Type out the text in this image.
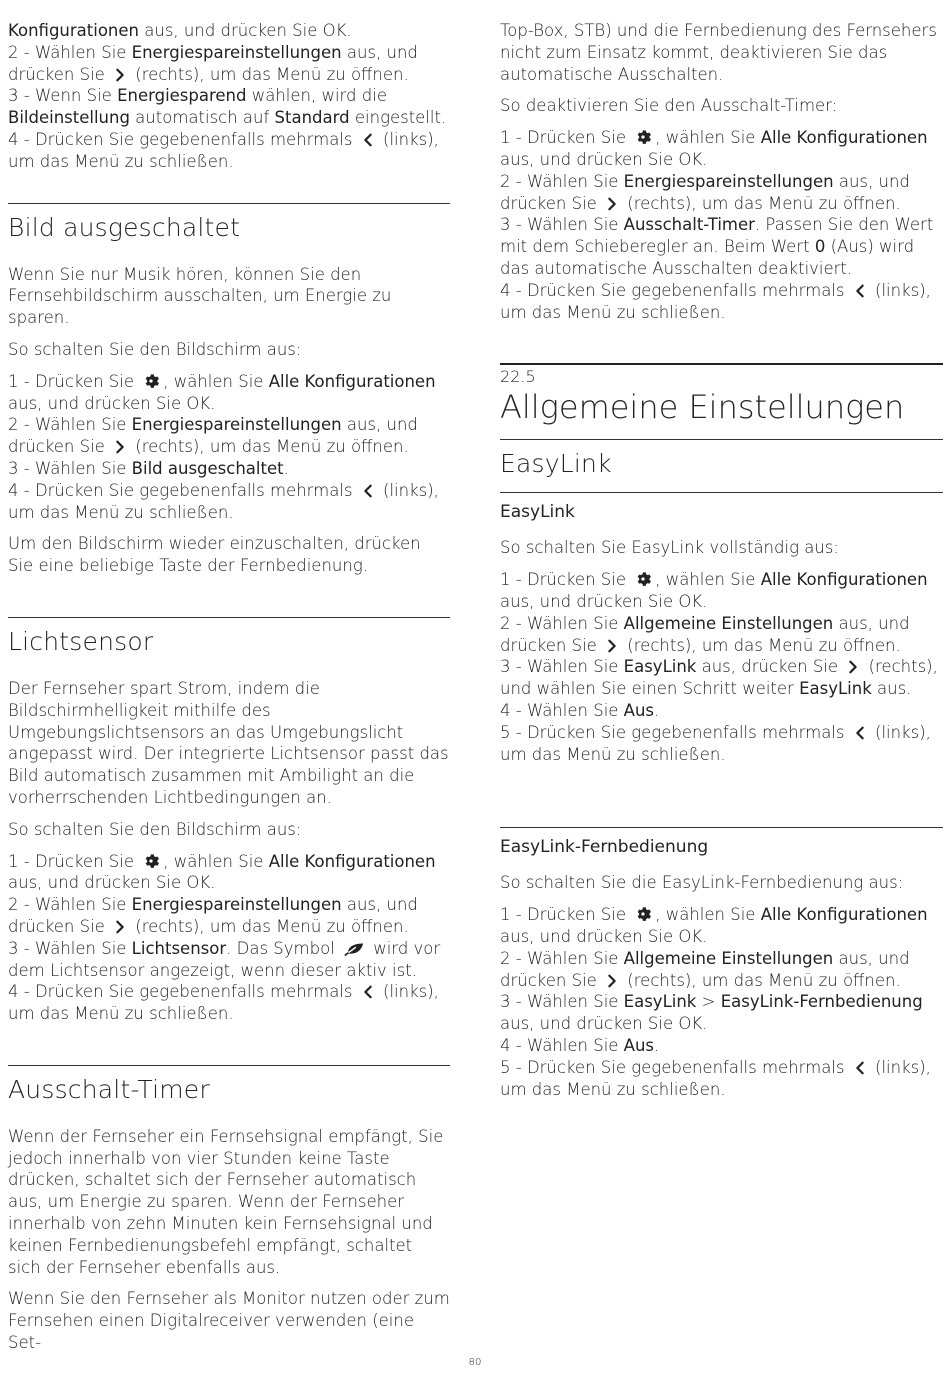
Konfigurationen aus, und drücken Sie OK.
2 - Wählen Sie Energiespareinstellungen aus, und drücken Sie  (rechts), um das Menü zu öffnen.
3 - Wenn Sie Energiesparend wählen, wird die Bildeinstellung automatisch auf Standard eingestellt.
4 - Drücken Sie gegebenenfalls mehrmals  (links), um das Menü zu schließen.
Bild ausgeschaltet

Wenn Sie nur Musik hören, können Sie den Fernsehbildschirm ausschalten, um Energie zu sparen.

So schalten Sie den Bildschirm aus:

1 - Drücken Sie , wählen Sie Alle Konfigurationen aus, und drücken Sie OK.
2 - Wählen Sie Energiespareinstellungen aus, und drücken Sie  (rechts), um das Menü zu öffnen.
3 - Wählen Sie Bild ausgeschaltet.
4 - Drücken Sie gegebenenfalls mehrmals  (links), um das Menü zu schließen.

Um den Bildschirm wieder einzuschalten, drücken Sie eine beliebige Taste der Fernbedienung.

Lichtsensor

Der Fernseher spart Strom, indem die Bildschirmhelligkeit mithilfe des Umgebungslichtsensors an das Umgebungslicht angepasst wird. Der integrierte Lichtsensor passt das Bild automatisch zusammen mit Ambilight an die vorherrschenden Lichtbedingungen an.

So schalten Sie den Bildschirm aus:

1 - Drücken Sie , wählen Sie Alle Konfigurationen aus, und drücken Sie OK.
2 - Wählen Sie Energiespareinstellungen aus, und drücken Sie  (rechts), um das Menü zu öffnen.
3 - Wählen Sie Lichtsensor. Das Symbol  wird vor dem Lichtsensor angezeigt, wenn dieser aktiv ist.
4 - Drücken Sie gegebenenfalls mehrmals  (links), um das Menü zu schließen.

Ausschalt-Timer

Wenn der Fernseher ein Fernsehsignal empfängt, Sie jedoch innerhalb von vier Stunden keine Taste drücken, schaltet sich der Fernseher automatisch aus, um Energie zu sparen. Wenn der Fernseher innerhalb von zehn Minuten kein Fernsehsignal und keinen Fernbedienungsbefehl empfängt, schaltet sich der Fernseher ebenfalls aus.

Wenn Sie den Fernseher als Monitor nutzen oder zum Fernsehen einen Digitalreceiver verwenden (eine Set-

Top-Box, STB) und die Fernbedienung des Fernsehers nicht zum Einsatz kommt, deaktivieren Sie das automatische Ausschalten.

So deaktivieren Sie den Ausschalt-Timer:

1 - Drücken Sie , wählen Sie Alle Konfigurationen aus, und drücken Sie OK.
2 - Wählen Sie Energiespareinstellungen aus, und drücken Sie  (rechts), um das Menü zu öffnen.
3 - Wählen Sie Ausschalt-Timer. Passen Sie den Wert mit dem Schieberegler an. Beim Wert 0 (Aus) wird das automatische Ausschalten deaktiviert.
4 - Drücken Sie gegebenenfalls mehrmals  (links), um das Menü zu schließen.

22.5
Allgemeine Einstellungen
EasyLink
EasyLink

So schalten Sie EasyLink vollständig aus:

1 - Drücken Sie , wählen Sie Alle Konfigurationen aus, und drücken Sie OK.
2 - Wählen Sie Allgemeine Einstellungen aus, und drücken Sie  (rechts), um das Menü zu öffnen.
3 - Wählen Sie EasyLink aus, drücken Sie  (rechts), und wählen Sie einen Schritt weiter EasyLink aus.
4 - Wählen Sie Aus.
5 - Drücken Sie gegebenenfalls mehrmals  (links), um das Menü zu schließen.

EasyLink-Fernbedienung

So schalten Sie die EasyLink-Fernbedienung aus:

1 - Drücken Sie , wählen Sie Alle Konfigurationen aus, und drücken Sie OK.
2 - Wählen Sie Allgemeine Einstellungen aus, und drücken Sie  (rechts), um das Menü zu öffnen.
3 - Wählen Sie EasyLink > EasyLink-Fernbedienung aus, und drücken Sie OK.
4 - Wählen Sie Aus.
5 - Drücken Sie gegebenenfalls mehrmals  (links), um das Menü zu schließen.

80
